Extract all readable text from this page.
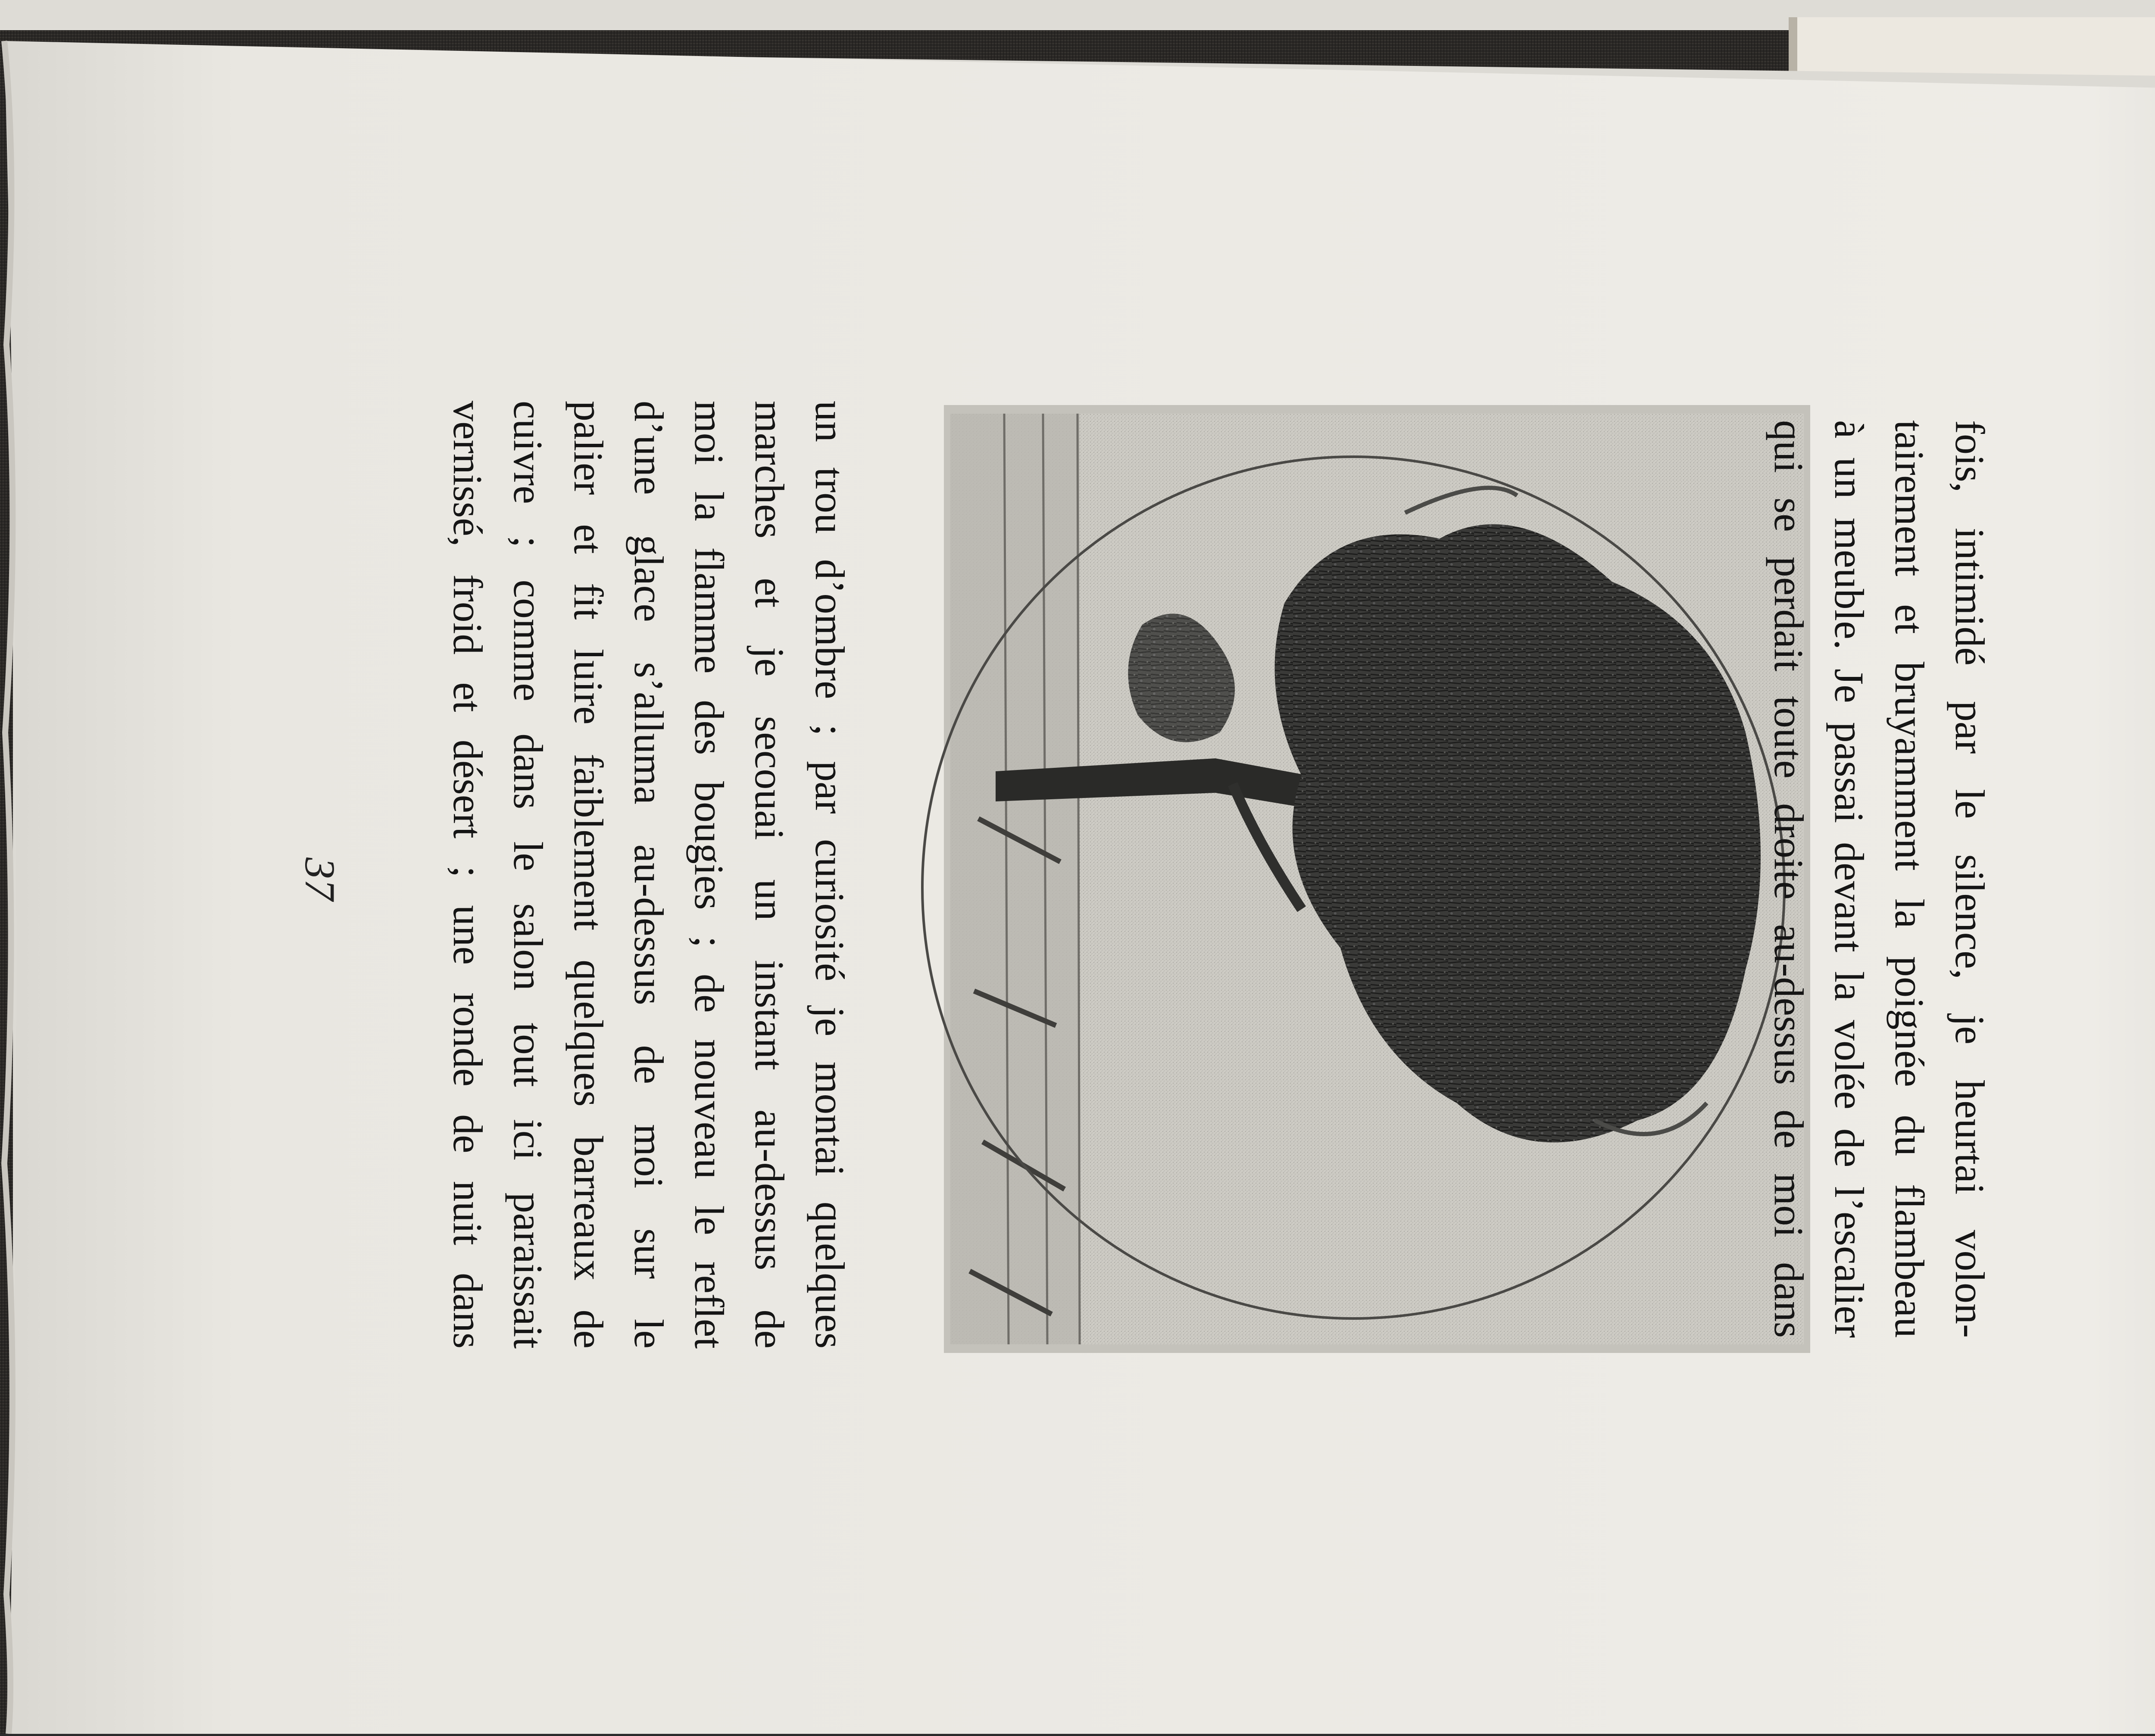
fois, intimidé par le silence, je heurtai volon-
tairement et bruyamment la poignée du flambeau
à un meuble. Je passai devant la volée de l’escalier
qui se perdait toute droite au-dessus de moi dans
un trou d’ombre ; par curiosité je montai quelques
marches et je secouai un instant au-dessus de
moi la flamme des bougies ; de nouveau le reflet
d’une glace s’alluma au-dessus de moi sur le
palier et fit luire faiblement quelques barreaux de
cuivre ; comme dans le salon tout ici paraissait
vernissé, froid et désert ; une ronde de nuit dans
37
